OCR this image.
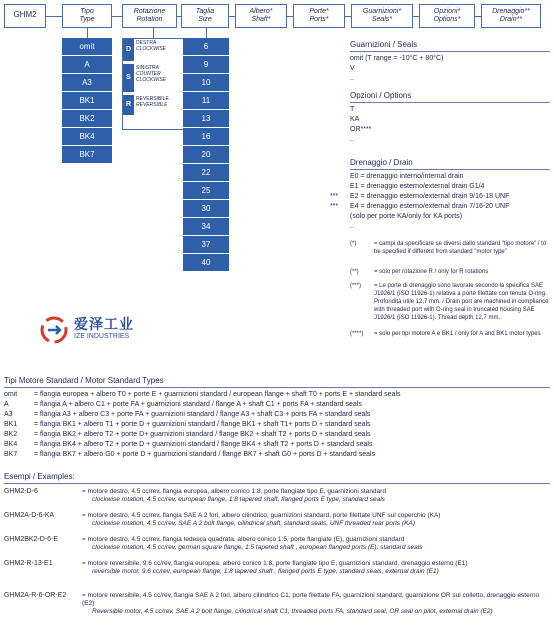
GHM2	Tipo
Type
Rotazione
Rotation
Taglia
Size
Albero*
Shaft*
Porte*
Ports*
Guarnizioni*
Seals*
Opzioni*
Options*
Drenaggio**
Drain**
omit
A
A3
BK1
BK2
BK4
BK7
D
DESTRA
CLOCKWISE
S
SINISTRA
COUNTER CLOCKWISE
R
REVERSIBILE
REVERSIBLE
6
9
10
11
13
16
20
22
25
30
34
37
40
爱泽工业
IZE INDUSTRIES
Guarnizioni / Seals
omit (T range = -10°C + 80°C)
V
..
Opzioni / Options
T
KA
OR****
..
Drenaggio / Drain
E0 = drenaggio interno/internal drain
E1 = drenaggio esterno/external drain G1/4
*** E2 = drenaggio esterno/external drain 9/16-18 UNF
*** E4 = drenaggio esterno/external drain 7/16-20 UNF
(solo per porte KA/only for KA ports)
..
(*)	= campi da specificare se diversi dallo standard "tipo motore" / to be specified if different from standard "motor type"
(**)	= solo per rotazione R / only for R rotations
(***) = Le porte di drenaggio sono lavorate secondo la specifica SAE J1926/1 (ISO 11926-1) relativa a porte filettate con tenuta O-ring. Profondità utile 12,7 mm. / Drain port are machined in compliance with threaded port with O-ring seal in truncated housing SAE J1926/1 (ISO 11926-1). Thread depth 12,7 mm.
(****) = solo per tipi motore A e BK1 / only for A and BK1 motor types
Tipi Motore Standard / Motor Standard Types
omit = flangia europea + albero T0 + porte E + guarnizioni standard / european flange + shaft T0 + ports E + standard seals
A	= flangia A + albero C1 + porte FA + guarnizioni standard / flange A + shaft C1 + ports FA + standard seals
A3	= flangia A3 + albero C3 + porte FA + guarnizioni standard / flange A3 + shaft C3 + ports FA + standard seals
BK1 = flangia BK1 + albero T1 + porte D + guarnizioni standard / flange BK1 + shaft T1+ ports D + standard seals
BK2 = flangia BK2 + albero T2 + porte D+ guarnizioni standard / flange BK2 + shaft T2 + ports D + standard seals
BK4 = flangia BK4 + albero T2 + porte D + guarnizioni standard / flange BK4 + shaft T2 + ports D + standard seals
BK7 = flangia BK7 + albero G0 + porte D + guarnizioni standard / flange BK7 + shaft G0 + ports D + standard seals
Esempi / Examples:
GHM2-D-6	= motore destro, 4.5 cc/rev, flangia europea, albero conico 1:8, porte flangiate tipo E, guarnizioni standard
clockwise rotation, 4.5 cc/rev, european flange, 1:8 tapered shaft, flanged ports E type, standard seals
GHM2A-D-6-KA	= motore destro, 4.5 cc/rev, flangia SAE A 2 fori, albero cilindrico, guarnizioni standard, porte filettate UNF sul coperchio (KA)
clockwise rotation, 4.5 cc/rev, SAE A 2 bolt flange, cilindrical shaft, standard seals, UNF threaded rear ports (KA)
GHM2BK2-D-6-E	= motore destro, 4.5 cc/rev, flangia tedesca quadrata, albero conico 1:5, porte flangiate (E), guarnizioni standard
clockwise rotation, 4.5 cc/rev, german square flange, 1:5 tapered shaft , european flanged ports (E), standard seals
GHM2-R-13-E1	= motore reversibile, 9.6 cc/rev, flangia europea, albero conico 1:8, porte flangiate tipo E, guarnizioni standard, drenaggio esterno (E1)
reversible motor, 9.6 cc/rev, european flange, 1:8 tapered shaft , flanged ports E type, standard seals, external drain (E1)
GHM2A-R-6-OR-E2 = motore reversibile, 4.5 cc/rev, flangia SAE A 2 fori, albero cilindrico C1, porte filettate FA, guarnizioni standard, guarnizione OR sul colletto, drenaggio esterno (E2)
Reversible motor, 4.5 cc/rev, SAE A 2 bolt flange, cilindrical shaft C1, threaded ports FA, standard seal, OR seal on pilot, external drain (E2)
